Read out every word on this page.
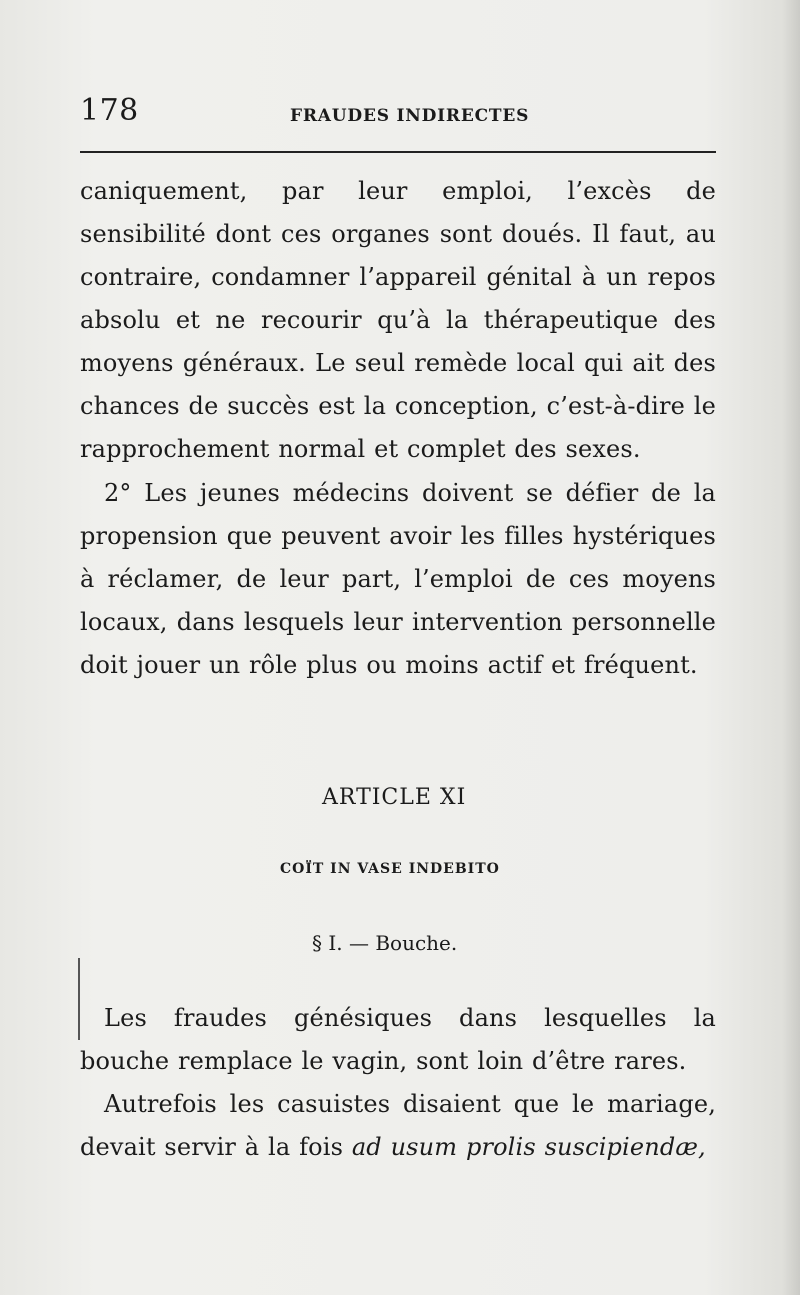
178	FRAUDES INDIRECTES

caniquement, par leur emploi, l’excès de sensibilité dont ces organes sont doués. Il faut, au contraire, condamner l’appareil génital à un repos absolu et ne recourir qu’à la thérapeutique des moyens généraux. Le seul remède local qui ait des chances de succès est la conception, c’est-à-dire le rapprochement normal et complet des sexes.

2° Les jeunes médecins doivent se défier de la propension que peuvent avoir les filles hystériques à réclamer, de leur part, l’emploi de ces moyens locaux, dans lesquels leur intervention personnelle doit jouer un rôle plus ou moins actif et fréquent.

ARTICLE XI
COÏT IN VASE INDEBITO
§ I. — Bouche.

Les fraudes génésiques dans lesquelles la bouche remplace le vagin, sont loin d’être rares.

Autrefois les casuistes disaient que le mariage, devait servir à la fois ad usum prolis suscipiendæ,
